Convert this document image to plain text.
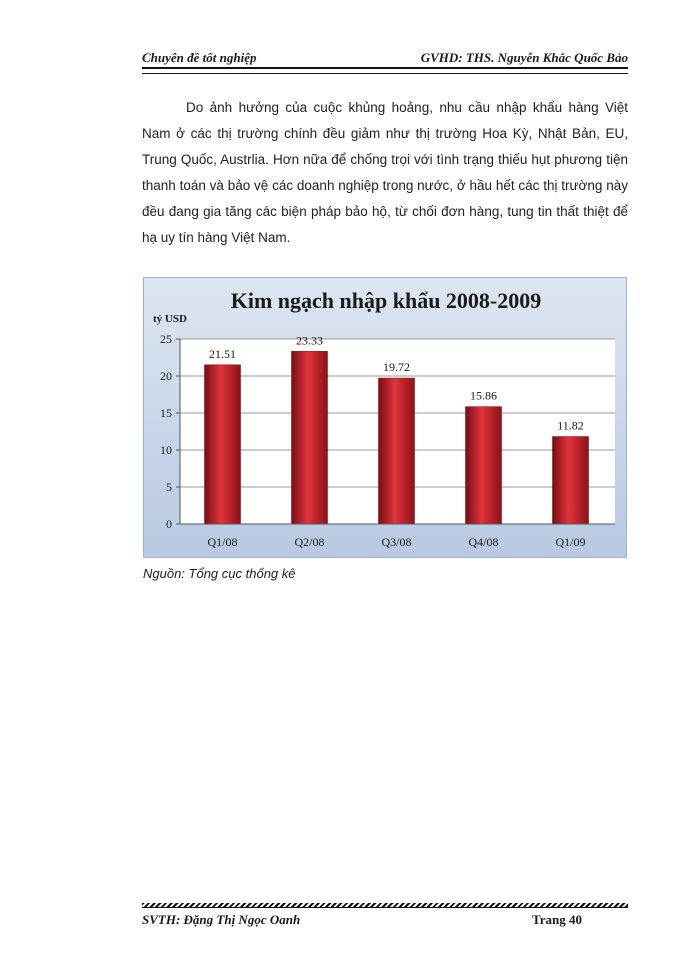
Chuyên đề tốt nghiệp	GVHD: THS. Nguyễn Khắc Quốc Bảo

Do ảnh hưởng của cuộc khủng hoảng, nhu cầu nhập khẩu hàng Việt Nam ở các thị trường chính đều giảm như thị trường Hoa Kỳ, Nhật Bản, EU, Trung Quốc, Austrlia. Hơn nữa để chống trọi với tình trạng thiếu hụt phương tiện thanh toán và bảo vệ các doanh nghiệp trong nước, ở hầu hết các thị trường này đều đang gia tăng các biện pháp bảo hộ, từ chối đơn hàng, tung tin thất thiệt để hạ uy tín hàng Việt Nam.

Kim ngạch nhập khẩu 2008-2009
tỷ USD
0
5
10
15
20
25
21.51
Q1/08
23.33
Q2/08
19.72
Q3/08
15.86
Q4/08
11.82
Q1/09
Nguồn: Tổng cục thống kê
SVTH: Đặng Thị Ngọc Oanh	Trang 40
